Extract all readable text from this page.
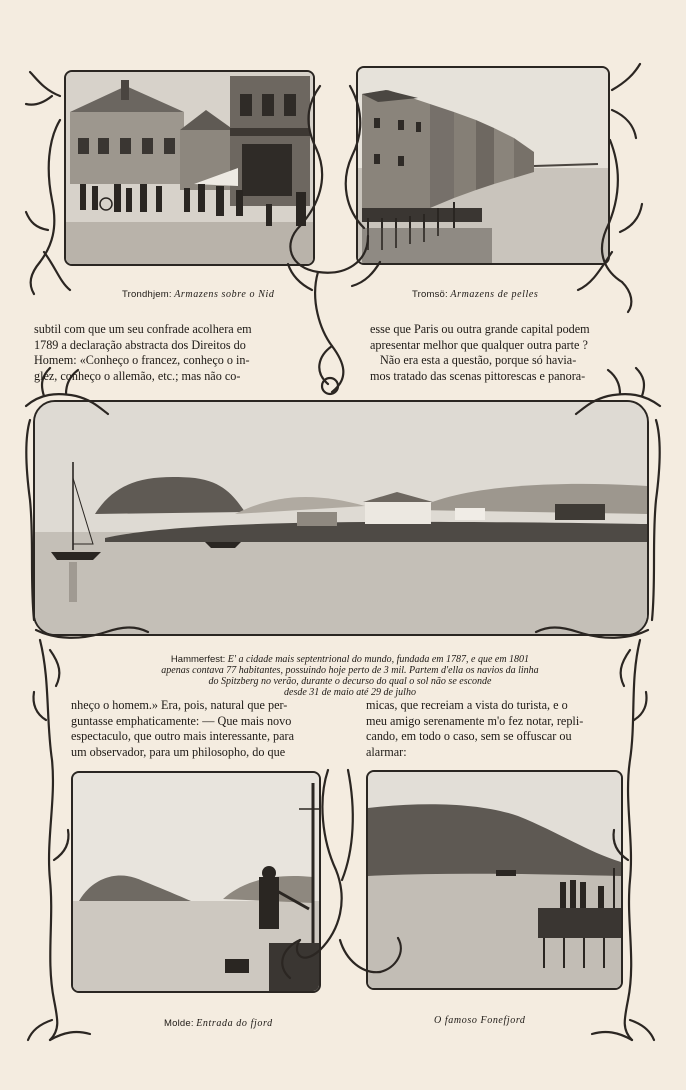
Trondhjem: Armazens sobre o Nid	Tromsö: Armazens de pelles
Hammerfest: E' a cidade mais septentrional do mundo, fundada em 1787, e que em 1801
apenas contava 77 habitantes, possuindo hoje perto de 3 mil. Partem d'ella os navios da linha
do Spitzberg no verão, durante o decurso do qual o sol não se esconde
desde 31 de maio até 29 de julho
Molde: Entrada do fjord	O famoso Fonefjord

subtil com que um seu confrade acolhera em
1789 a declaração abstracta dos Direitos do
Homem: «Conheço o francez, conheço o in-
glez, conheço o allemão, etc.; mas não co-

esse que Paris ou outra grande capital podem
apresentar melhor que qualquer outra parte ?
Não era esta a questão, porque só havia-
mos tratado das scenas pittorescas e panora-

nheço o homem.» Era, pois, natural que per-
guntasse emphaticamente: — Que mais novo
espectaculo, que outro mais interessante, para
um observador, para um philosopho, do que

micas, que recreiam a vista do turista, e o
meu amigo serenamente m'o fez notar, repli-
cando, em todo o caso, sem se offuscar ou
alarmar:
